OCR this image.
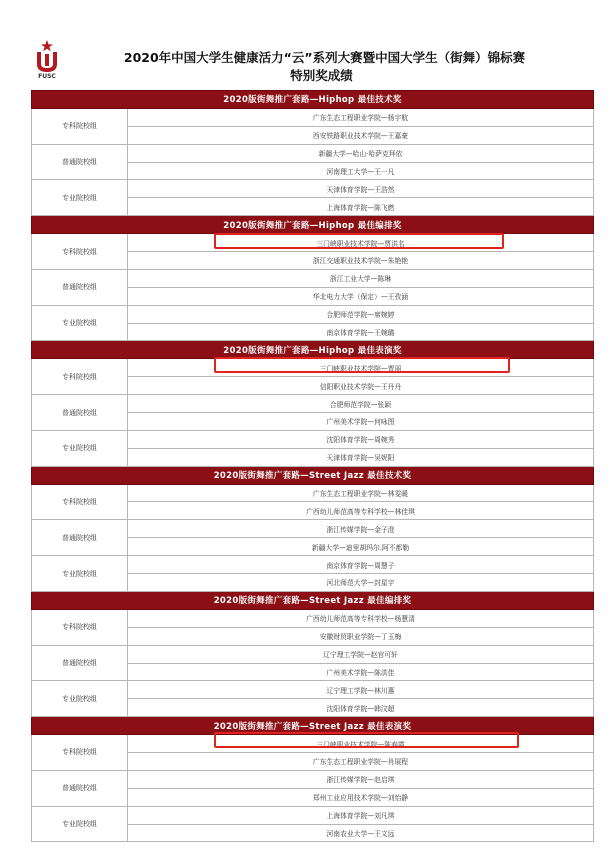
FUSC
2020年中国大学生健康活力“云”系列大赛暨中国大学生（街舞）锦标赛
特别奖成绩
2020版街舞推广套路—Hiphop 最佳技术奖	
专科院校组	广东生态工程职业学院—杨宇航
	西安铁路职业技术学院—王嘉豪
普通院校组	新疆大学—哈山·哈萨克拜依
	河南理工大学—王一凡
专业院校组	天津体育学院—王浩然
	上海体育学院—陈飞燃
2020版街舞推广套路—Hiphop 最佳编排奖	
专科院校组	三门峡职业技术学院—贾洪名
	浙江交通职业技术学院—朱艳艳
普通院校组	浙江工业大学—陈琳
	华北电力大学（保定）—王孜涵
专业院校组	合肥师范学院—席婉婷
	南京体育学院—王婉璐
2020版街舞推广套路—Hiphop 最佳表演奖	
专科院校组	三门峡职业技术学院—贾丽
	信阳职业技术学院—王丹丹
普通院校组	合肥师范学院—张颖
	广州美术学院—何咏图
专业院校组	沈阳体育学院—周婉秀
	天津体育学院—吴妮阳
2020版街舞推广套路—Street Jazz 最佳技术奖	
专科院校组	广东生态工程职业学院—林雯暖
	广西幼儿师范高等专科学校—林佳琪
普通院校组	浙江传媒学院—金子澄
	新疆大学—迪里胡玛尔.阿不都勒
专业院校组	南京体育学院—周慧子
	河北师范大学—封星宇
2020版街舞推广套路—Street Jazz 最佳编排奖	
专科院校组	广西幼儿师范高等专科学校—杨慧清
	安徽财贸职业学院—丁玉梅
普通院校组	辽宁理工学院—赵官可轩
	广州美术学院—陈洪佳
专业院校组	辽宁理工学院—林川惠
	沈阳体育学院—韩汶超
2020版街舞推广套路—Street Jazz 最佳表演奖	
专科院校组	三门峡职业技术学院—陈春霞
	广东生态工程职业学院—肖展程
普通院校组	浙江传媒学院—赵启琪
	郑州工业应用技术学院—刘怡静
专业院校组	上海体育学院—刘凡琪
	河南农业大学—王文远
